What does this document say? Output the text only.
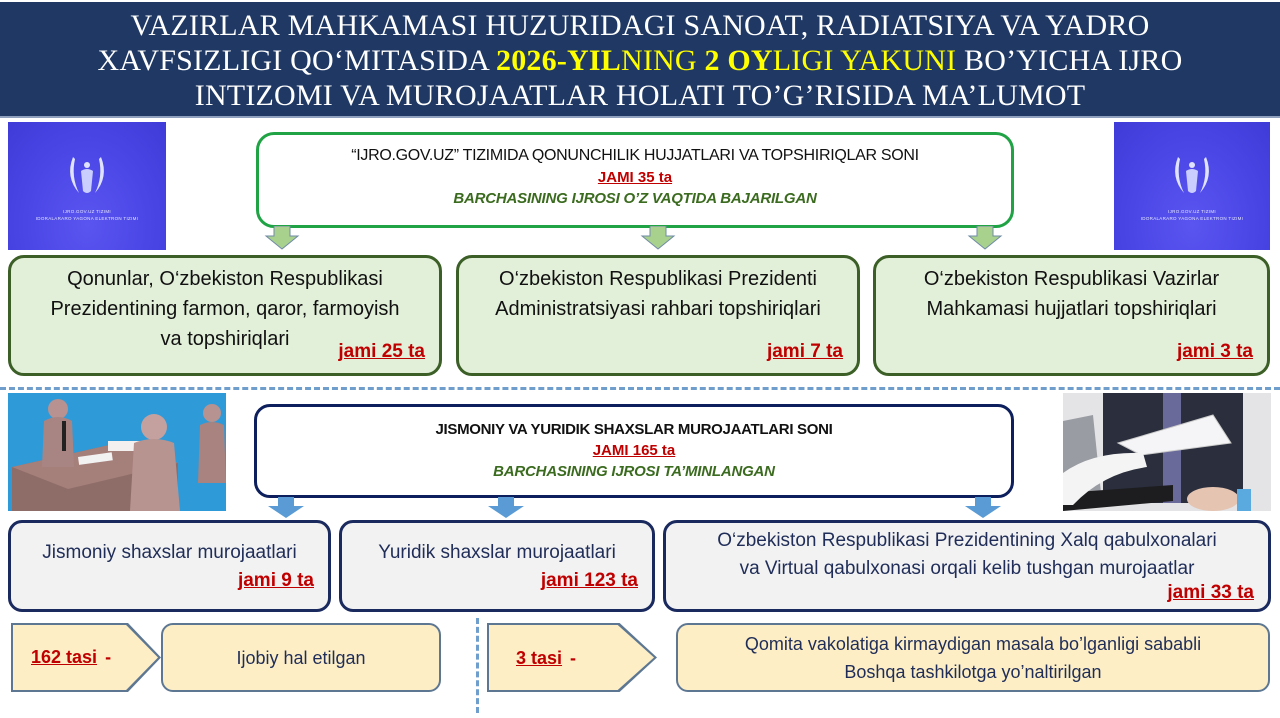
VAZIRLAR MAHKAMASI HUZURIDAGI SANOAT, RADIATSIYA VA YADRO
XAVFSIZLIGI QO‘MITASIDA 2026-YILNING 2 OYLIGI YAKUNI BO’YICHA IJRO
INTIZOMI VA MUROJAATLAR HOLATI TO’G’RISIDA MA’LUMOT
IJRO.GOV.UZ TIZIMI
IDORALARARO YAGONA ELEKTRON TIZIMI
IJRO.GOV.UZ TIZIMI
IDORALARARO YAGONA ELEKTRON TIZIMI
“IJRO.GOV.UZ” TIZIMIDA QONUNCHILIK HUJJATLARI VA TOPSHIRIQLAR SONI
JAMI 35 ta
BARCHASINING IJROSI O’Z VAQTIDA BAJARILGAN
Qonunlar, O‘zbekiston Respublikasi
Prezidentining farmon, qaror, farmoyish
va topshiriqlari
jami 25 ta
O‘zbekiston Respublikasi Prezidenti
Administratsiyasi rahbari topshiriqlari
jami 7 ta
O‘zbekiston Respublikasi Vazirlar
Mahkamasi hujjatlari topshiriqlari
jami 3 ta
JISMONIY VA YURIDIK SHAXSLAR MUROJAATLARI SONI
JAMI 165 ta
BARCHASINING IJROSI TA’MINLANGAN
Jismoniy shaxslar murojaatlari
jami 9 ta
Yuridik shaxslar murojaatlari
jami 123 ta
O‘zbekiston Respublikasi Prezidentining Xalq qabulxonalari
va Virtual qabulxonasi orqali kelib tushgan murojaatlar
jami 33 ta
162 tasi -	Ijobiy hal etilgan	3 tasi -
Qomita vakolatiga kirmaydigan masala bo’lganligi sababli
Boshqa tashkilotga yo’naltirilgan
